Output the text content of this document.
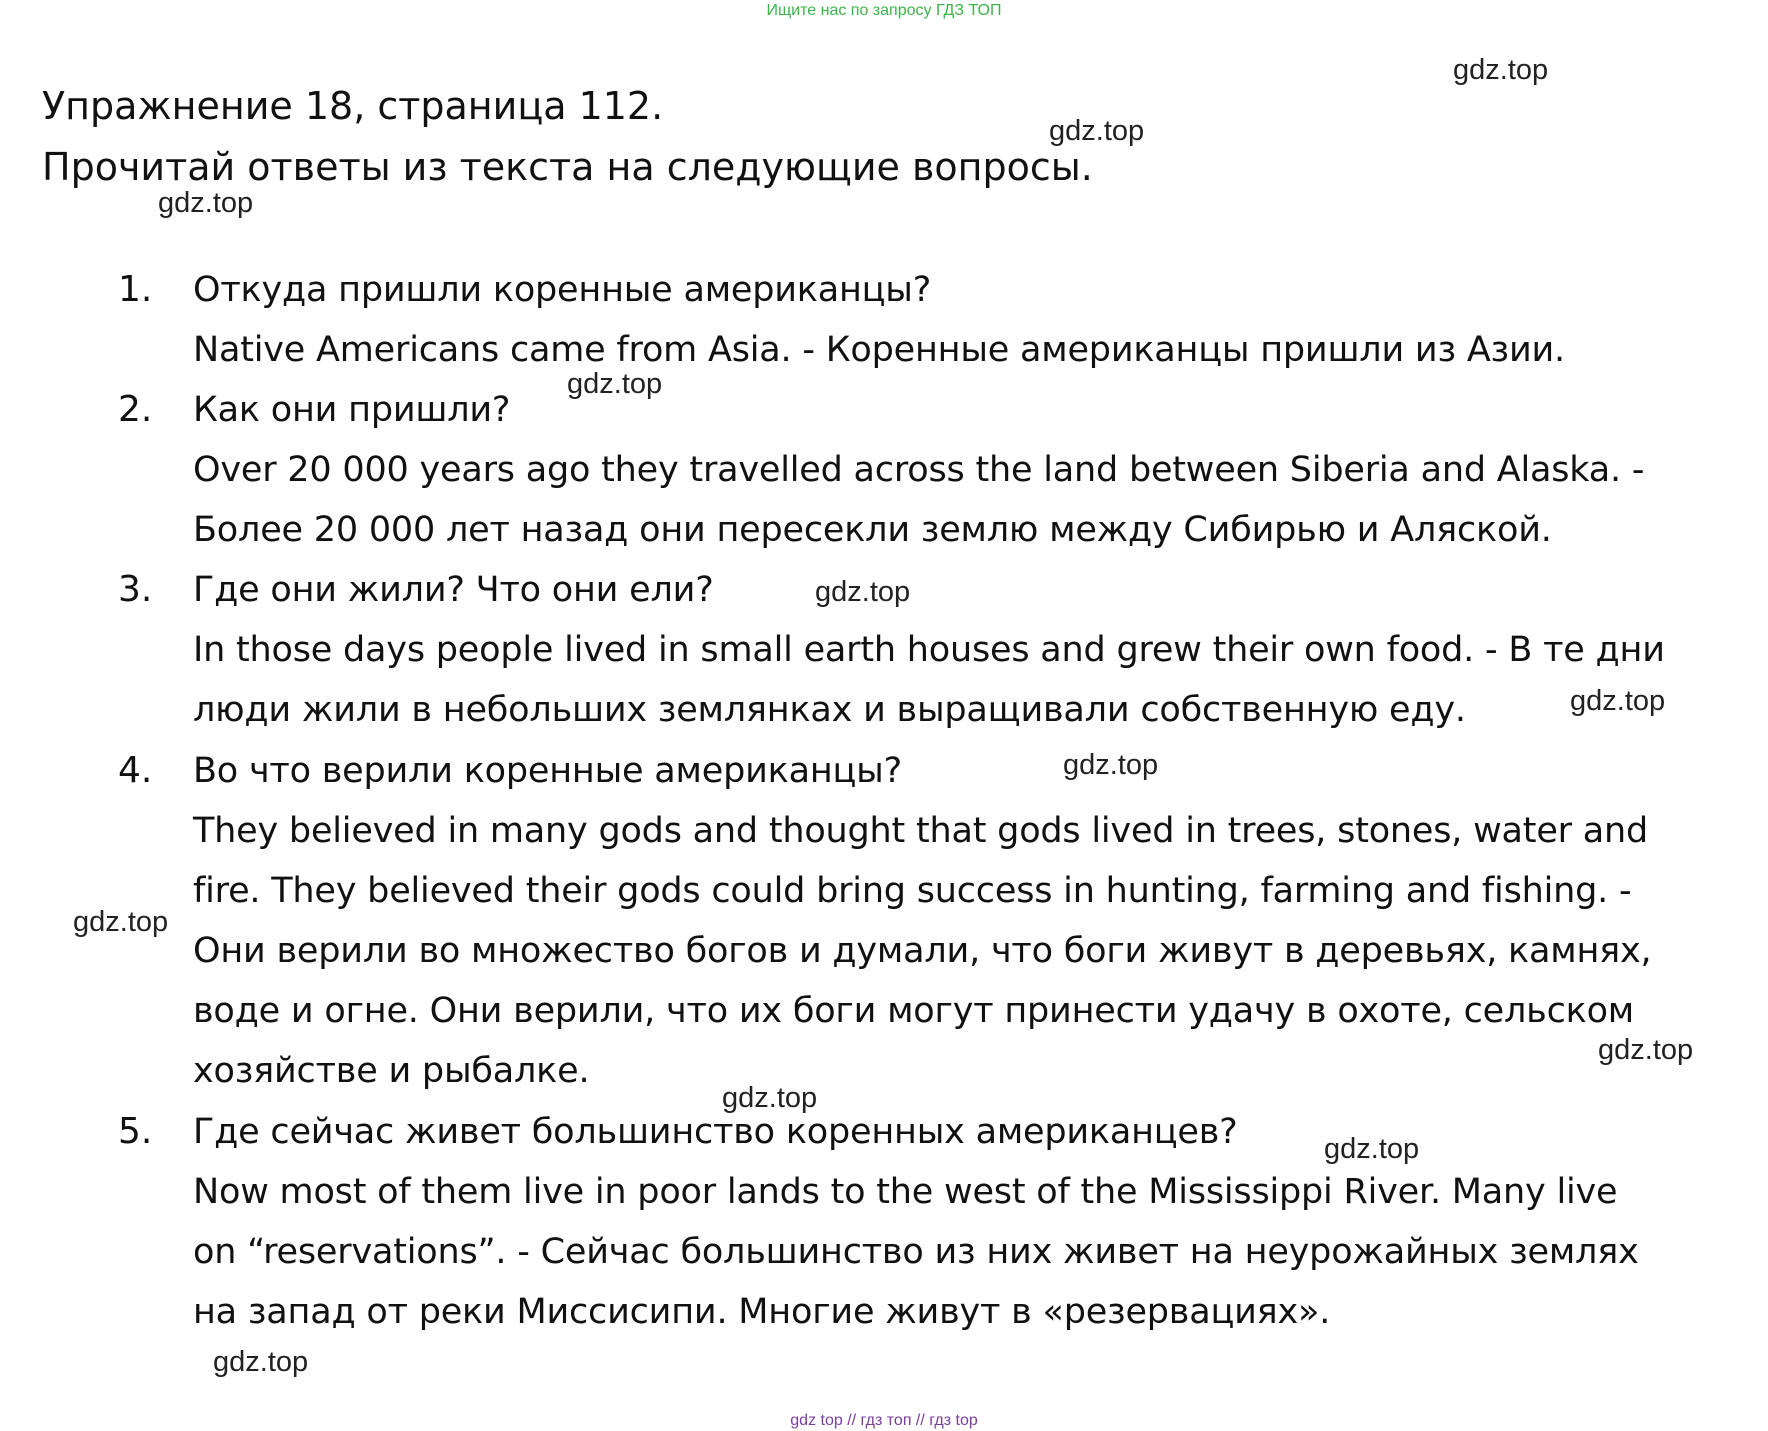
Ищите нас по запросу ГДЗ ТОП
Упражнение 18, страница 112.
Прочитай ответы из текста на следующие вопросы.
1. Откуда пришли коренные американцы?
Native Americans came from Asia. - Коренные американцы пришли из Азии.
2. Как они пришли?
Over 20 000 years ago they travelled across the land between Siberia and Alaska. -
Более 20 000 лет назад они пересекли землю между Сибирью и Аляской.
3. Где они жили? Что они ели?
In those days people lived in small earth houses and grew their own food. - В те дни
люди жили в небольших землянках и выращивали собственную еду.
4. Во что верили коренные американцы?
They believed in many gods and thought that gods lived in trees, stones, water and
fire. They believed their gods could bring success in hunting, farming and fishing. -
Они верили во множество богов и думали, что боги живут в деревьях, камнях,
воде и огне. Они верили, что их боги могут принести удачу в охоте, сельском
хозяйстве и рыбалке.
5. Где сейчас живет большинство коренных американцев?
Now most of them live in poor lands to the west of the Mississippi River. Many live
on “reservations”. - Сейчас большинство из них живет на неурожайных землях
на запад от реки Миссисипи. Многие живут в «резервациях».
gdz.top
gdz.top
gdz.top
gdz.top
gdz.top
gdz.top
gdz.top
gdz.top
gdz.top
gdz.top
gdz.top
gdz.top
gdz top // гдз топ // гдз top
